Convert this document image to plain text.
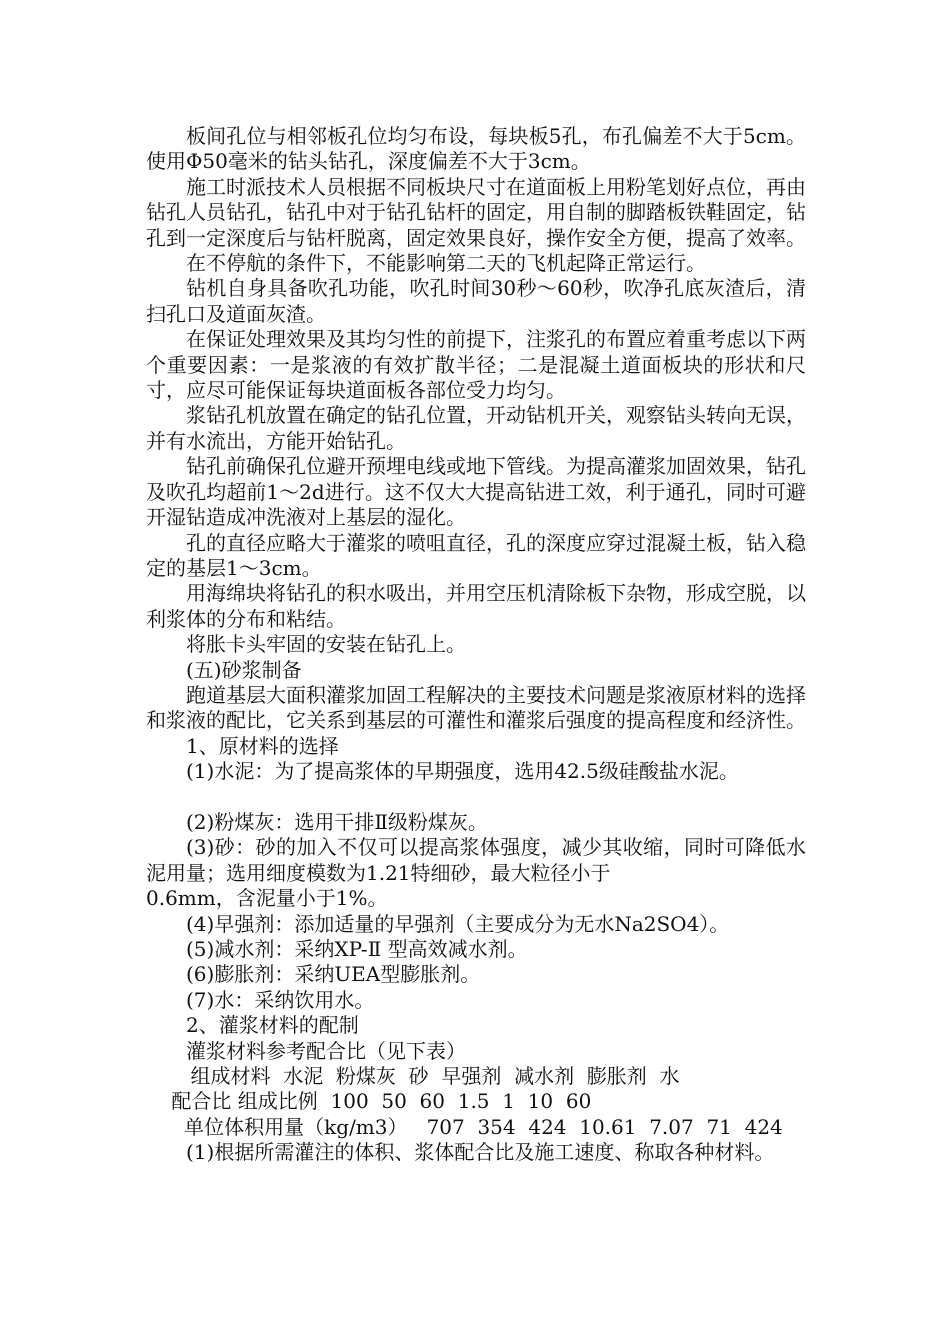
板间孔位与相邻板孔位均匀布设，每块板5孔，布孔偏差不大于5cm。使用Φ50毫米的钻头钻孔，深度偏差不大于3cm。

施工时派技术人员根据不同板块尺寸在道面板上用粉笔划好点位，再由钻孔人员钻孔，钻孔中对于钻孔钻杆的固定，用自制的脚踏板铁鞋固定，钻孔到一定深度后与钻杆脱离，固定效果良好，操作安全方便，提高了效率。

在不停航的条件下，不能影响第二天的飞机起降正常运行。

钻机自身具备吹孔功能，吹孔时间30秒～60秒，吹净孔底灰渣后，清扫孔口及道面灰渣。

在保证处理效果及其均匀性的前提下，注浆孔的布置应着重考虑以下两个重要因素：一是浆液的有效扩散半径；二是混凝土道面板块的形状和尺寸，应尽可能保证每块道面板各部位受力均匀。

浆钻孔机放置在确定的钻孔位置，开动钻机开关，观察钻头转向无误，并有水流出，方能开始钻孔。

钻孔前确保孔位避开预埋电线或地下管线。为提高灌浆加固效果，钻孔及吹孔均超前1～2d进行。这不仅大大提高钻进工效，利于通孔，同时可避开湿钻造成冲洗液对上基层的湿化。

孔的直径应略大于灌浆的喷咀直径，孔的深度应穿过混凝土板，钻入稳定的基层1～3cm。

用海绵块将钻孔的积水吸出，并用空压机清除板下杂物，形成空脱，以利浆体的分布和粘结。

将胀卡头牢固的安装在钻孔上。

(五)砂浆制备

跑道基层大面积灌浆加固工程解决的主要技术问题是浆液原材料的选择和浆液的配比，它关系到基层的可灌性和灌浆后强度的提高程度和经济性。

1、原材料的选择

(1)水泥：为了提高浆体的早期强度，选用42.5级硅酸盐水泥。

(2)粉煤灰：选用干排Ⅱ级粉煤灰。

(3)砂：砂的加入不仅可以提高浆体强度，减少其收缩，同时可降低水泥用量；选用细度模数为1.21特细砂，最大粒径小于

0.6mm，含泥量小于1%。

(4)早强剂：添加适量的早强剂（主要成分为无水Na2SO4）。

(5)减水剂：采纳XP-Ⅱ 型高效减水剂。

(6)膨胀剂：采纳UEA型膨胀剂。

(7)水：采纳饮用水。

2、灌浆材料的配制

灌浆材料参考配合比（见下表）

组成材料  水泥  粉煤灰  砂  早强剂  减水剂  膨胀剂  水

配合比 组成比例  100  50  60  1.5  1  10  60

单位体积用量（kg/m3）   707  354  424  10.61  7.07  71  424

(1)根据所需灌注的体积、浆体配合比及施工速度、称取各种材料。
